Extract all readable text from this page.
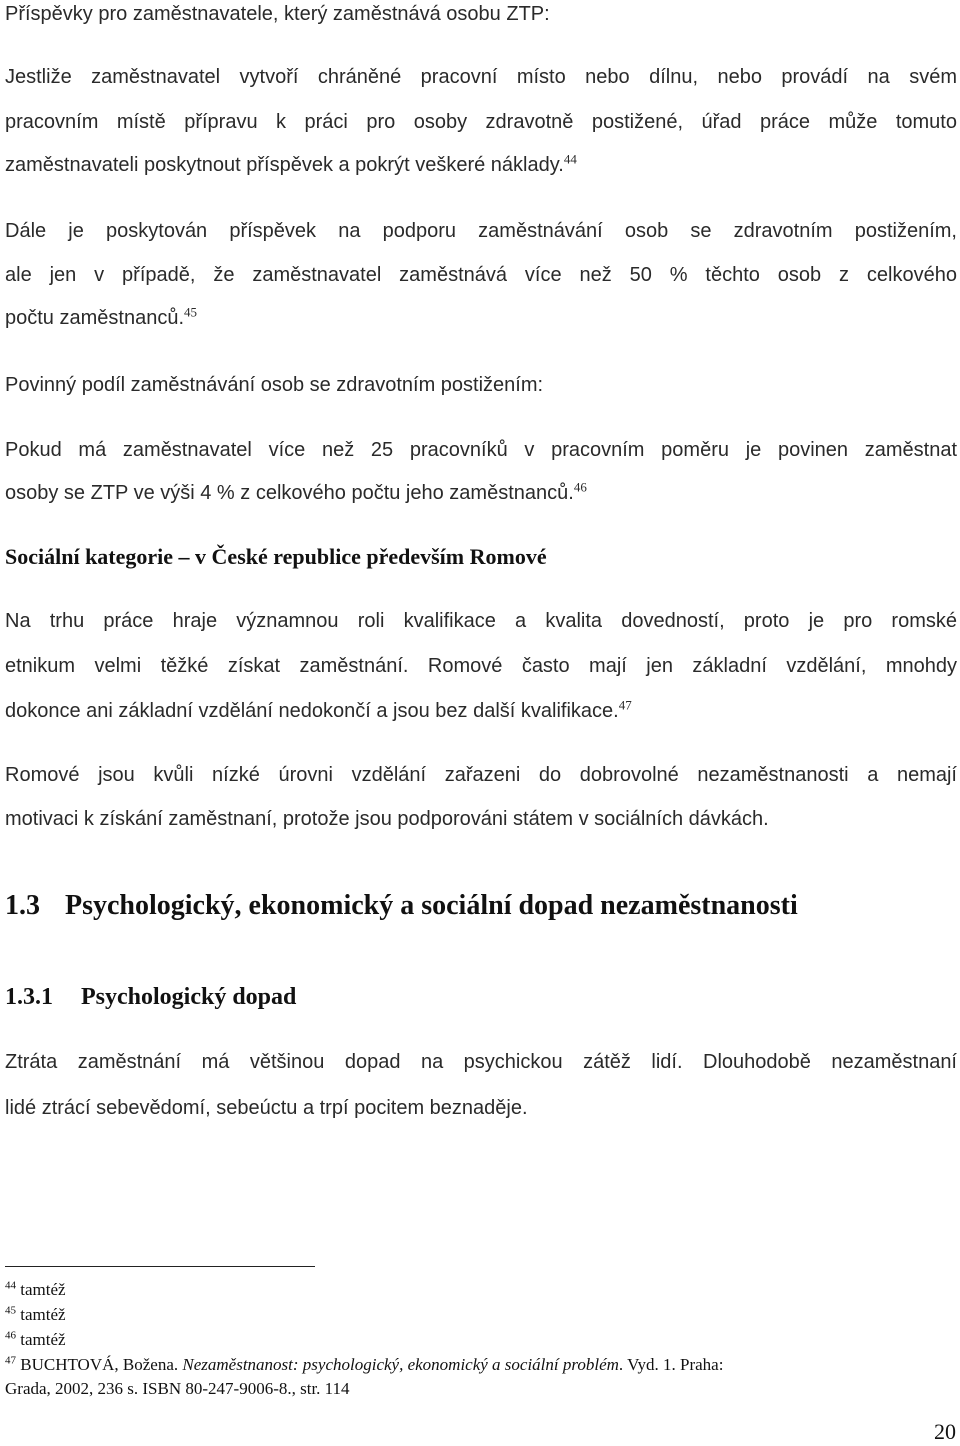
Příspěvky pro zaměstnavatele, který zaměstnává osobu ZTP:
Jestliže zaměstnavatel vytvoří chráněné pracovní místo nebo dílnu, nebo provádí na svém
pracovním místě přípravu k práci pro osoby zdravotně postižené, úřad práce může tomuto
zaměstnavateli poskytnout příspěvek a pokrýt veškeré náklady.$^{44}$
Dále je poskytován příspěvek na podporu zaměstnávání osob se zdravotním postižením,
ale jen v případě, že zaměstnavatel zaměstnává více než 50 % těchto osob z celkového
počtu zaměstnanců.$^{45}$
Povinný podíl zaměstnávání osob se zdravotním postižením:
Pokud má zaměstnavatel více než 25 pracovníků v pracovním poměru je povinen zaměstnat
osoby se ZTP ve výši 4 % z celkového počtu jeho zaměstnanců.$^{46}$
Sociální kategorie – v České republice především Romové
Na trhu práce hraje významnou roli kvalifikace a kvalita dovedností, proto je pro romské
etnikum velmi těžké získat zaměstnání. Romové často mají jen základní vzdělání, mnohdy
dokonce ani základní vzdělání nedokončí a jsou bez další kvalifikace.$^{47}$
Romové jsou kvůli nízké úrovni vzdělání zařazeni do dobrovolné nezaměstnanosti a nemají
motivaci k získání zaměstnaní, protože jsou podporováni státem v sociálních dávkách.
1.3 Psychologický, ekonomický a sociální dopad nezaměstnanosti
1.3.1 Psychologický dopad
Ztráta zaměstnání má většinou dopad na psychickou zátěž lidí. Dlouhodobě nezaměstnaní
lidé ztrácí sebevědomí, sebeúctu a trpí pocitem beznaděje.
$^{44}$ tamtéž
$^{45}$ tamtéž
$^{46}$ tamtéž
$^{47}$ BUCHTOVÁ, Božena. Nezaměstnanost: psychologický, ekonomický a sociální problém. Vyd. 1. Praha:
Grada, 2002, 236 s. ISBN 80-247-9006-8., str. 114
20
